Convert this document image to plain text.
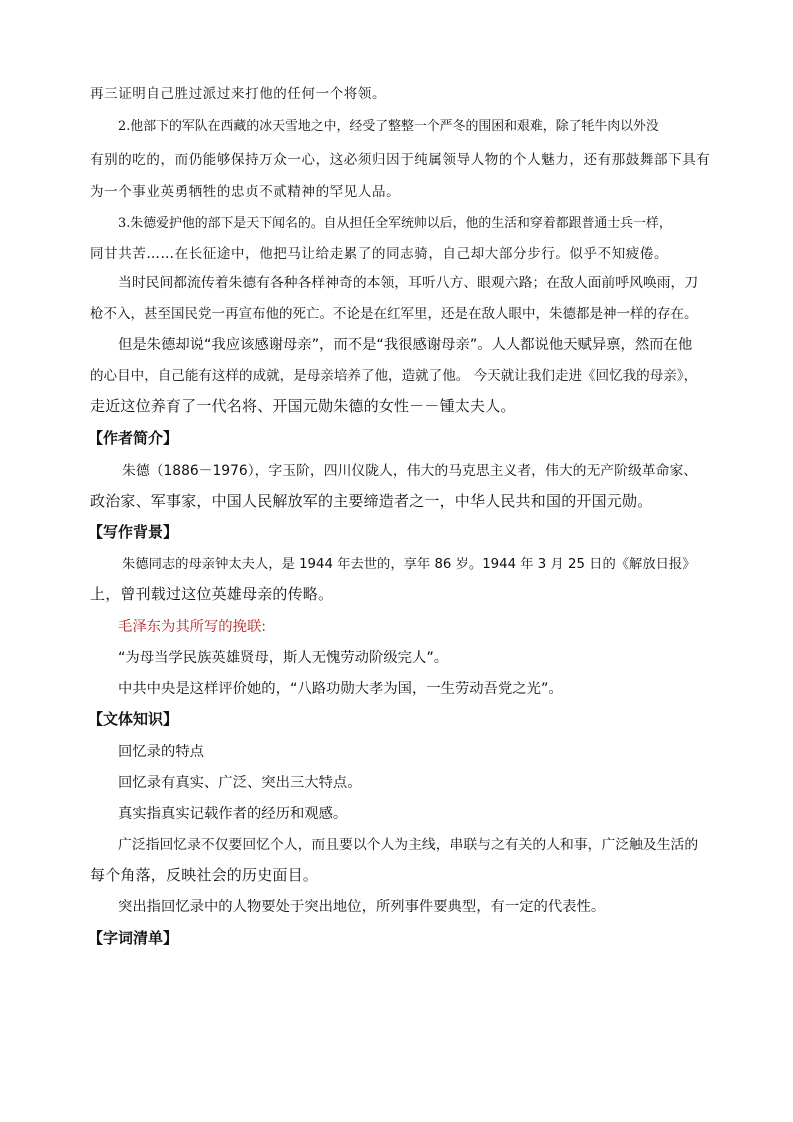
再三证明自己胜过派过来打他的任何一个将领。
2.他部下的军队在西藏的冰天雪地之中，经受了整整一个严冬的围困和艰难，除了牦牛肉以外没
有别的吃的，而仍能够保持万众一心，这必须归因于纯属领导人物的个人魅力，还有那鼓舞部下具有
为一个事业英勇牺牲的忠贞不贰精神的罕见人品。
3.朱德爱护他的部下是天下闻名的。自从担任全军统帅以后，他的生活和穿着都跟普通士兵一样，
同甘共苦……在长征途中，他把马让给走累了的同志骑，自己却大部分步行。似乎不知疲倦。
当时民间都流传着朱德有各种各样神奇的本领，耳听八方、眼观六路；在敌人面前呼风唤雨，刀
枪不入，甚至国民党一再宣布他的死亡。不论是在红军里，还是在敌人眼中，朱德都是神一样的存在。
但是朱德却说“我应该感谢母亲”，而不是“我很感谢母亲”。人人都说他天赋异禀，然而在他
的心目中，自己能有这样的成就，是母亲培养了他，造就了他。 今天就让我们走进《回忆我的母亲》，
走近这位养育了一代名将、开国元勋朱德的女性－－锺太夫人。
【作者简介】
朱德（1886－1976），字玉阶，四川仪陇人，伟大的马克思主义者，伟大的无产阶级革命家、
政治家、军事家，中国人民解放军的主要缔造者之一，中华人民共和国的开国元勋。
【写作背景】
朱德同志的母亲钟太夫人，是 1944 年去世的，享年 86 岁。1944 年 3 月 25 日的《解放日报》
上，曾刊载过这位英雄母亲的传略。
毛泽东为其所写的挽联:
“为母当学民族英雄贤母，斯人无愧劳动阶级完人”。
中共中央是这样评价她的，“八路功勋大孝为国，一生劳动吾党之光”。
【文体知识】
回忆录的特点
回忆录有真实、广泛、突出三大特点。
真实指真实记载作者的经历和观感。
广泛指回忆录不仅要回忆个人，而且要以个人为主线，串联与之有关的人和事，广泛触及生活的
每个角落，反映社会的历史面目。
突出指回忆录中的人物要处于突出地位，所列事件要典型，有一定的代表性。
【字词清单】
